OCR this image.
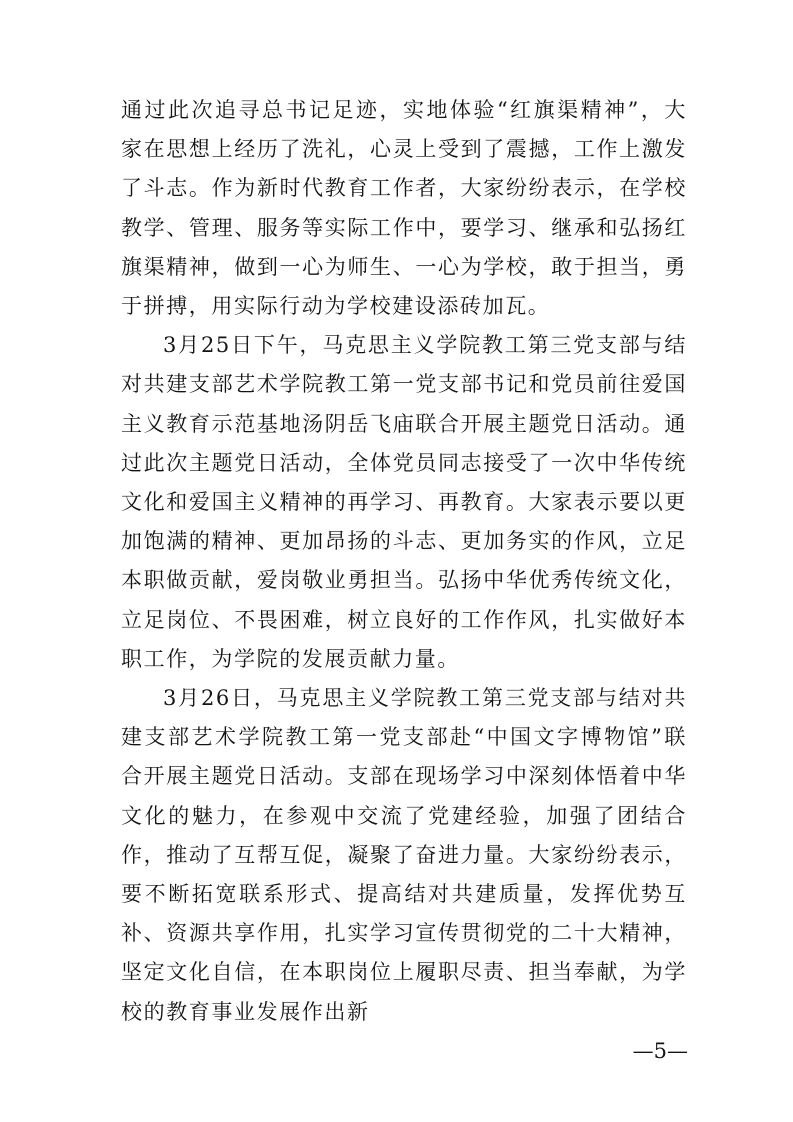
通过此次追寻总书记足迹，实地体验“红旗渠精神”，大家在思想上经历了洗礼，心灵上受到了震撼，工作上激发了斗志。作为新时代教育工作者，大家纷纷表示，在学校教学、管理、服务等实际工作中，要学习、继承和弘扬红旗渠精神，做到一心为师生、一心为学校，敢于担当，勇于拼搏，用实际行动为学校建设添砖加瓦。

3月25日下午，马克思主义学院教工第三党支部与结对共建支部艺术学院教工第一党支部书记和党员前往爱国主义教育示范基地汤阴岳飞庙联合开展主题党日活动。通过此次主题党日活动，全体党员同志接受了一次中华传统文化和爱国主义精神的再学习、再教育。大家表示要以更加饱满的精神、更加昂扬的斗志、更加务实的作风，立足本职做贡献，爱岗敬业勇担当。弘扬中华优秀传统文化，立足岗位、不畏困难，树立良好的工作作风，扎实做好本职工作，为学院的发展贡献力量。

3月26日，马克思主义学院教工第三党支部与结对共建支部艺术学院教工第一党支部赴“中国文字博物馆”联合开展主题党日活动。支部在现场学习中深刻体悟着中华文化的魅力，在参观中交流了党建经验，加强了团结合作，推动了互帮互促，凝聚了奋进力量。大家纷纷表示，要不断拓宽联系形式、提高结对共建质量，发挥优势互补、资源共享作用，扎实学习宣传贯彻党的二十大精神，坚定文化自信，在本职岗位上履职尽责、担当奉献，为学校的教育事业发展作出新

—5—
